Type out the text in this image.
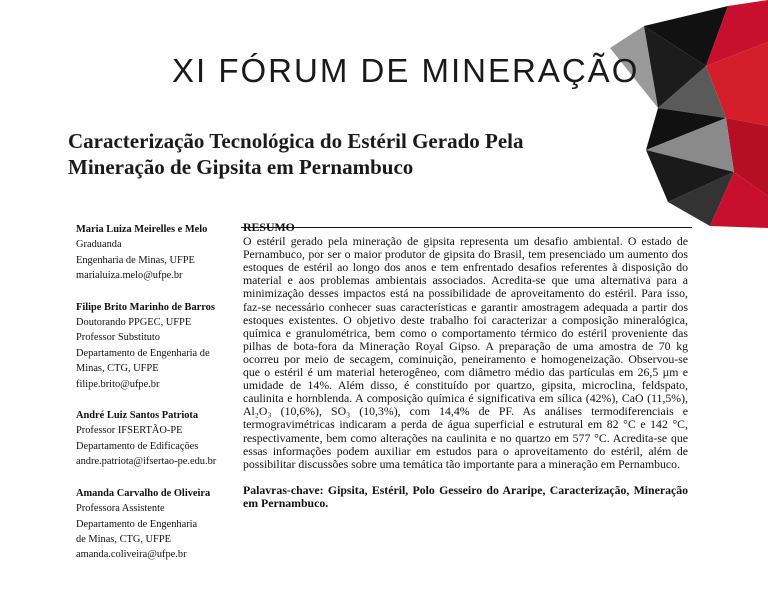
XI FÓRUM DE MINERAÇÃO
Caracterização Tecnológica do Estéril Gerado Pela
Mineração de Gipsita em Pernambuco
Maria Luiza Meirelles e Melo
Graduanda
Engenharia de Minas, UFPE
marialuiza.melo@ufpe.br
Filipe Brito Marinho de Barros
Doutorando PPGEC, UFPE
Professor Substituto
Departamento de Engenharia de
Minas, CTG, UFPE
filipe.brito@ufpe.br
André Luiz Santos Patriota
Professor IFSERTÃO-PE
Departamento de Edificações
andre.patriota@ifsertao-pe.edu.br
Amanda Carvalho de Oliveira
Professora Assistente
Departamento de Engenharia
de Minas, CTG, UFPE
amanda.coliveira@ufpe.br
RESUMO

O estéril gerado pela mineração de gipsita representa um desafio ambiental. O estado de Pernambuco, por ser o maior produtor de gipsita do Brasil, tem presenciado um aumento dos estoques de estéril ao longo dos anos e tem enfrentado desafios referentes à disposição do material e aos problemas ambientais associados. Acredita-se que uma alternativa para a minimização desses impactos está na possibilidade de aproveitamento do estéril. Para isso, faz-se necessário conhecer suas características e garantir amostragem adequada a partir dos estoques existentes. O objetivo deste trabalho foi caracterizar a composição mineralógica, química e granulométrica, bem como o comportamento térmico do estéril proveniente das pilhas de bota-fora da Mineração Royal Gipso. A preparação de uma amostra de 70 kg ocorreu por meio de secagem, cominuição, peneiramento e homogeneização. Observou-se que o estéril é um material heterogêneo, com diâmetro médio das partículas em 26,5 µm e umidade de 14%. Além disso, é constituído por quartzo, gipsita, microclina, feldspato, caulinita e hornblenda. A composição química é significativa em sílica (42%), CaO (11,5%), Al₂O₃ (10,6%), SO₃ (10,3%), com 14,4% de PF. As análises termodiferenciais e termogravimétricas indicaram a perda de água superficial e estrutural em 82 °C e 142 °C, respectivamente, bem como alterações na caulinita e no quartzo em 577 °C. Acredita-se que essas informações podem auxiliar em estudos para o aproveitamento do estéril, além de possibilitar discussões sobre uma temática tão importante para a mineração em Pernambuco.

Palavras-chave: Gipsita, Estéril, Polo Gesseiro do Araripe, Caracterização, Mineração em Pernambuco.
